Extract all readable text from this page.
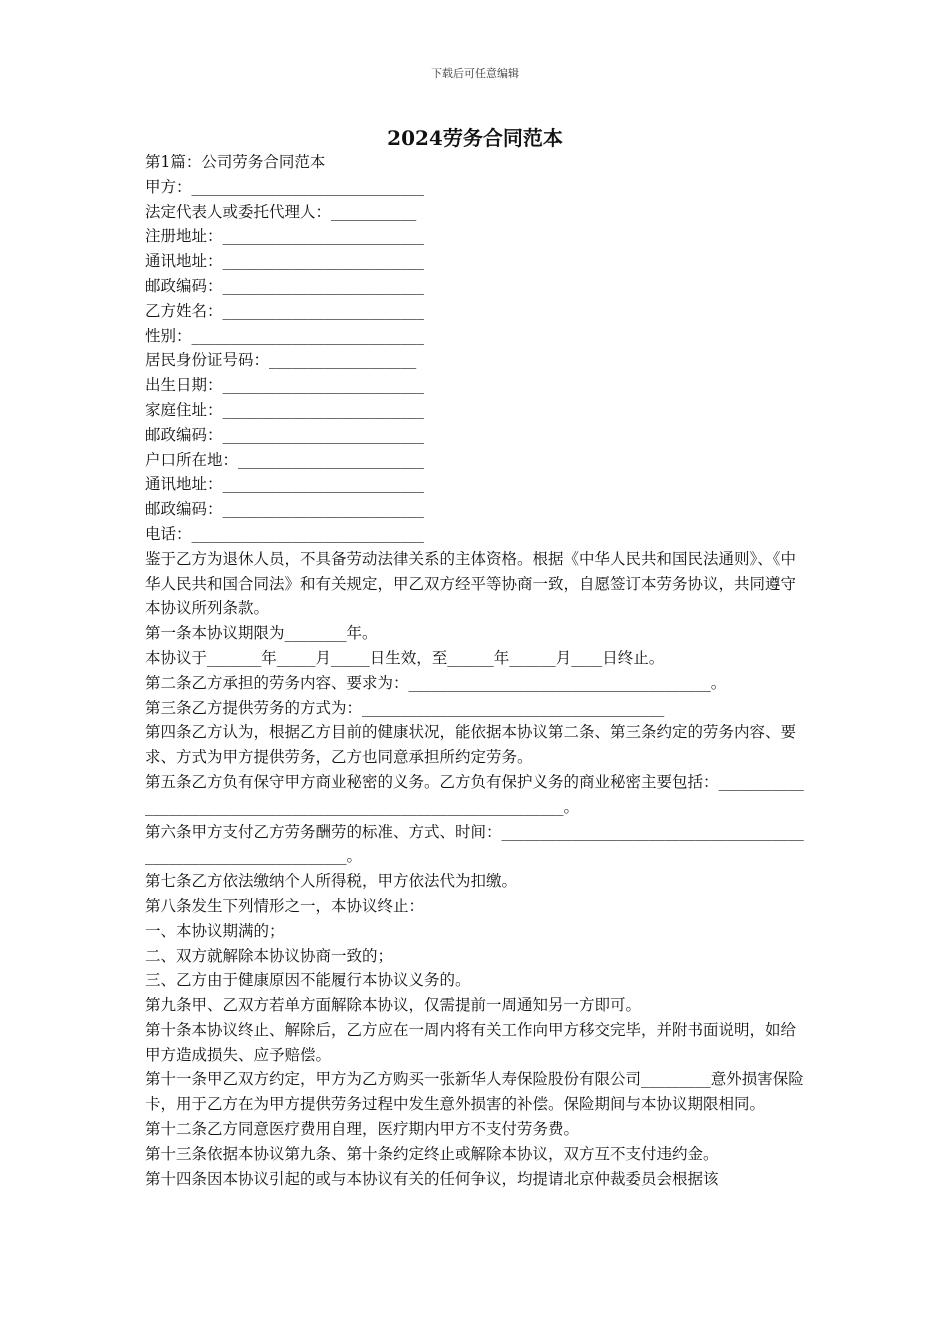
下载后可任意编辑
2024劳务合同范本
第1篇：公司劳务合同范本
甲方：______________________________
法定代表人或委托代理人：___________
注册地址：__________________________
通讯地址：__________________________
邮政编码：__________________________
乙方姓名：__________________________
性别：______________________________
居民身份证号码：___________________
出生日期：__________________________
家庭住址：__________________________
邮政编码：__________________________
户口所在地：________________________
通讯地址：__________________________
邮政编码：__________________________
电话：______________________________
鉴于乙方为退休人员，不具备劳动法律关系的主体资格。根据《中华人民共和国民法通则》、《中华人民共和国合同法》和有关规定，甲乙双方经平等协商一致，自愿签订本劳务协议，共同遵守本协议所列条款。
第一条本协议期限为________年。
本协议于_______年_____月_____日生效，至______年______月____日终止。
第二条乙方承担的劳务内容、要求为：_______________________________________。
第三条乙方提供劳务的方式为：_______________________________________
第四条乙方认为，根据乙方目前的健康状况，能依据本协议第二条、第三条约定的劳务内容、要求、方式为甲方提供劳务，乙方也同意承担所约定劳务。
第五条乙方负有保守甲方商业秘密的义务。乙方负有保护义务的商业秘密主要包括：_________________________________________________________________。
第六条甲方支付乙方劳务酬劳的标准、方式、时间：_________________________________________________________________。
第七条乙方依法缴纳个人所得税，甲方依法代为扣缴。
第八条发生下列情形之一，本协议终止：
一、本协议期满的；
二、双方就解除本协议协商一致的；
三、乙方由于健康原因不能履行本协议义务的。
第九条甲、乙双方若单方面解除本协议，仅需提前一周通知另一方即可。
第十条本协议终止、解除后，乙方应在一周内将有关工作向甲方移交完毕，并附书面说明，如给甲方造成损失、应予赔偿。
第十一条甲乙双方约定，甲方为乙方购买一张新华人寿保险股份有限公司_________意外损害保险卡，用于乙方在为甲方提供劳务过程中发生意外损害的补偿。保险期间与本协议期限相同。
第十二条乙方同意医疗费用自理，医疗期内甲方不支付劳务费。
第十三条依据本协议第九条、第十条约定终止或解除本协议，双方互不支付违约金。
第十四条因本协议引起的或与本协议有关的任何争议，均提请北京仲裁委员会根据该
